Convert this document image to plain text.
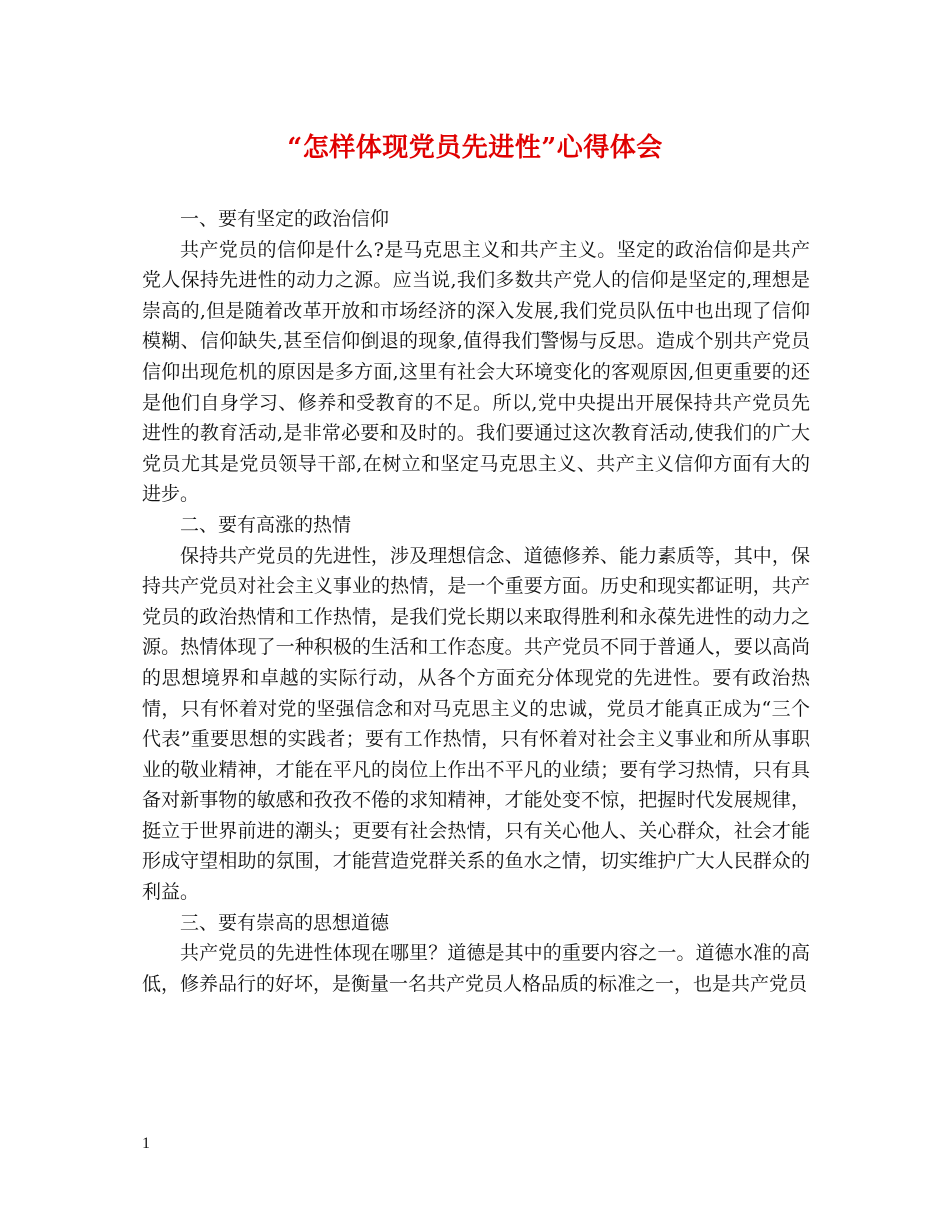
“怎样体现党员先进性”心得体会

一、要有坚定的政治信仰

共产党员的信仰是什么?是马克思主义和共产主义。坚定的政治信仰是共产党人保持先进性的动力之源。应当说,我们多数共产党人的信仰是坚定的,理想是崇高的,但是随着改革开放和市场经济的深入发展,我们党员队伍中也出现了信仰模糊、信仰缺失,甚至信仰倒退的现象,值得我们警惕与反思。造成个别共产党员信仰出现危机的原因是多方面,这里有社会大环境变化的客观原因,但更重要的还是他们自身学习、修养和受教育的不足。所以,党中央提出开展保持共产党员先进性的教育活动,是非常必要和及时的。我们要通过这次教育活动,使我们的广大党员尤其是党员领导干部,在树立和坚定马克思主义、共产主义信仰方面有大的进步。

二、要有高涨的热情

保持共产党员的先进性，涉及理想信念、道德修养、能力素质等，其中，保持共产党员对社会主义事业的热情，是一个重要方面。历史和现实都证明，共产党员的政治热情和工作热情，是我们党长期以来取得胜利和永葆先进性的动力之源。热情体现了一种积极的生活和工作态度。共产党员不同于普通人，要以高尚的思想境界和卓越的实际行动，从各个方面充分体现党的先进性。要有政治热情，只有怀着对党的坚强信念和对马克思主义的忠诚，党员才能真正成为“三个代表”重要思想的实践者；要有工作热情，只有怀着对社会主义事业和所从事职业的敬业精神，才能在平凡的岗位上作出不平凡的业绩；要有学习热情，只有具备对新事物的敏感和孜孜不倦的求知精神，才能处变不惊，把握时代发展规律，挺立于世界前进的潮头；更要有社会热情，只有关心他人、关心群众，社会才能形成守望相助的氛围，才能营造党群关系的鱼水之情，切实维护广大人民群众的利益。

三、要有崇高的思想道德

共产党员的先进性体现在哪里？道德是其中的重要内容之一。道德水准的高低，修养品行的好坏，是衡量一名共产党员人格品质的标准之一，也是共产党员

1
